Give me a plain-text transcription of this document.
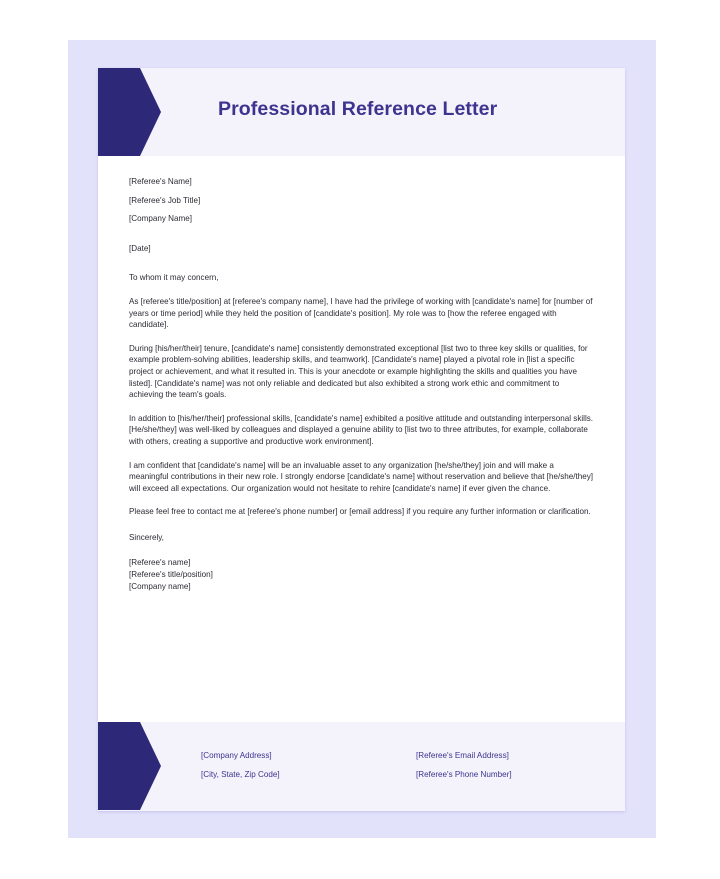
Professional Reference Letter

[Referee's Name]
[Referee's Job Title]
[Company Name]

[Date]

To whom it may concern,

As [referee's title/position] at [referee's company name], I have had the privilege of working with [candidate's name] for [number of years or time period] while they held the position of [candidate's position]. My role was to [how the referee engaged with candidate].

During [his/her/their] tenure, [candidate's name] consistently demonstrated exceptional [list two to three key skills or qualities, for example problem-solving abilities, leadership skills, and teamwork]. [Candidate's name] played a pivotal role in [list a specific project or achievement, and what it resulted in. This is your anecdote or example highlighting the skills and qualities you have listed]. [Candidate's name] was not only reliable and dedicated but also exhibited a strong work ethic and commitment to achieving the team's goals.

In addition to [his/her/their] professional skills, [candidate's name] exhibited a positive attitude and outstanding interpersonal skills. [He/she/they] was well-liked by colleagues and displayed a genuine ability to [list two to three attributes, for example, collaborate with others, creating a supportive and productive work environment].

I am confident that [candidate's name] will be an invaluable asset to any organization [he/she/they] join and will make a meaningful contributions in their new role. I strongly endorse [candidate's name] without reservation and believe that [he/she/they] will exceed all expectations. Our organization would not hesitate to rehire [candidate's name] if ever given the chance.

Please feel free to contact me at [referee's phone number] or [email address] if you require any further information or clarification.

Sincerely,

[Referee's name]
[Referee's title/position]
[Company name]

[Company Address]
[City, State, Zip Code]
[Referee's Email Address]
[Referee's Phone Number]
